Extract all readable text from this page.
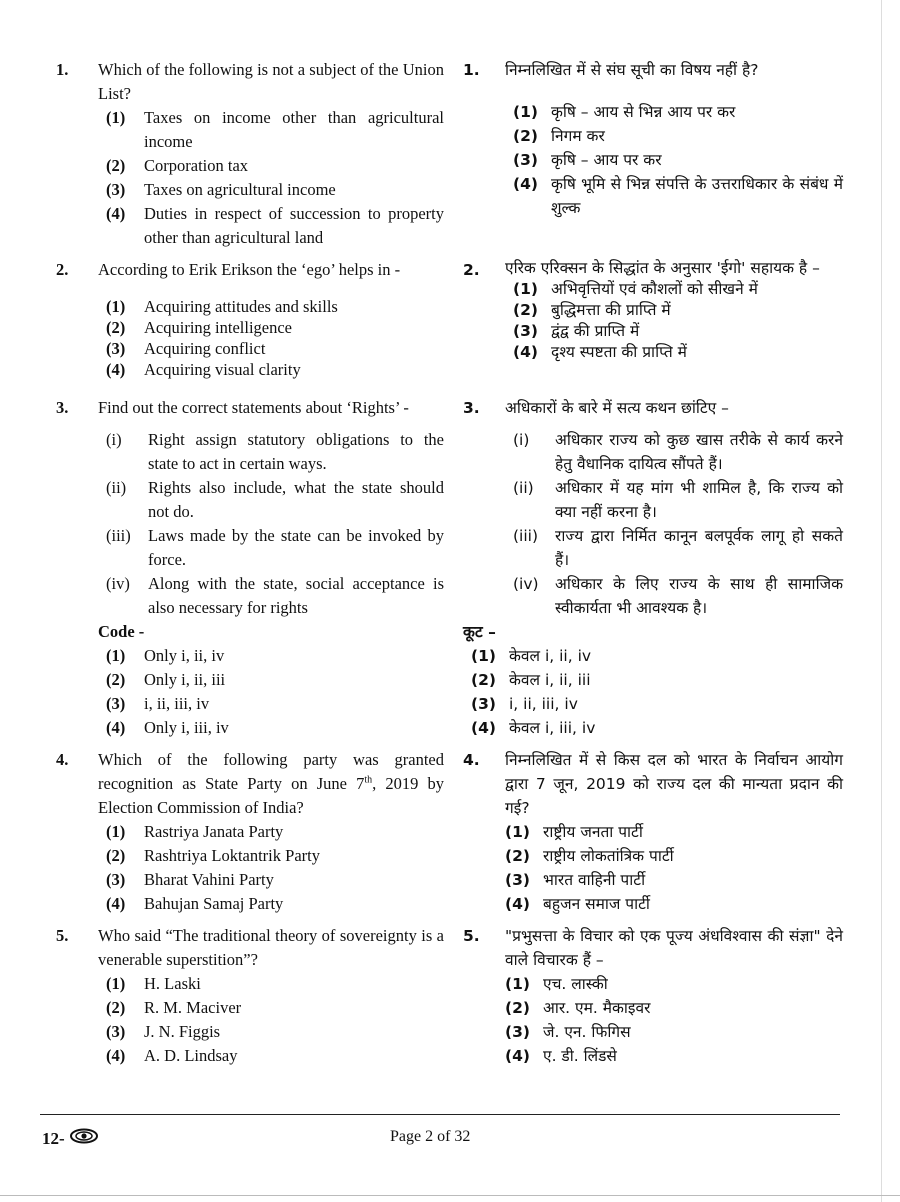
1. Which of the following is not a subject of the Union List?
(1)	Taxes on income other than agricultural income
(2)	Corporation tax
(3)	Taxes on agricultural income
(4)	Duties in respect of succession to property other than agricultural land
2. According to Erik Erikson the ‘ego’ helps in -
(1)	Acquiring attitudes and skills
(2)	Acquiring intelligence
(3)	Acquiring conflict
(4)	Acquiring visual clarity
3. Find out the correct statements about ‘Rights’ -
(i)	Right assign statutory obligations to the state to act in certain ways.
(ii)	Rights also include, what the state should not do.
(iii)	Laws made by the state can be invoked by force.
(iv)	Along with the state, social acceptance is also necessary for rights
Code -
(1)	Only i, ii, iv
(2)	Only i, ii, iii
(3)	i, ii, iii, iv
(4)	Only i, iii, iv
4. Which of the following party was granted recognition as State Party on June 7th, 2019 by Election Commission of India?
(1)	Rastriya Janata Party
(2)	Rashtriya Loktantrik Party
(3)	Bharat Vahini Party
(4)	Bahujan Samaj Party
5. Who said “The traditional theory of sovereignty is a venerable superstition”?
(1)	H. Laski
(2)	R. M. Maciver
(3)	J. N. Figgis
(4)	A. D. Lindsay
1. निम्नलिखित में से संघ सूची का विषय नहीं है?
(1) कृषि – आय से भिन्न आय पर कर
(2) निगम कर
(3) कृषि – आय पर कर
(4) कृषि भूमि से भिन्न संपत्ति के उत्तराधिकार के संबंध में शुल्क
2. एरिक एरिक्सन के सिद्धांत के अनुसार 'ईगो' सहायक है –
(1) अभिवृत्तियों एवं कौशलों को सीखने में
(2) बुद्धिमत्ता की प्राप्ति में
(3) द्वंद्व की प्राप्ति में
(4) दृश्य स्पष्टता की प्राप्ति में
3. अधिकारों के बारे में सत्य कथन छांटिए –
(i)	अधिकार राज्य को कुछ खास तरीके से कार्य करने हेतु वैधानिक दायित्व सौंपते हैं।
(ii)	अधिकार में यह मांग भी शामिल है, कि राज्य को क्या नहीं करना है।
(iii)	राज्य द्वारा निर्मित कानून बलपूर्वक लागू हो सकते हैं।
(iv)	अधिकार के लिए राज्य के साथ ही सामाजिक स्वीकार्यता भी आवश्यक है।
कूट –
(1) केवल i, ii, iv
(2) केवल i, ii, iii
(3) i, ii, iii, iv
(4) केवल i, iii, iv
4. निम्नलिखित में से किस दल को भारत के निर्वाचन आयोग द्वारा 7 जून, 2019 को राज्य दल की मान्यता प्रदान की गई?
(1) राष्ट्रीय जनता पार्टी
(2) राष्ट्रीय लोकतांत्रिक पार्टी
(3) भारत वाहिनी पार्टी
(4) बहुजन समाज पार्टी
5. "प्रभुसत्ता के विचार को एक पूज्य अंधविश्वास की संज्ञा" देने वाले विचारक हैं –
(1) एच. लास्की
(2) आर. एम. मैकाइवर
(3) जे. एन. फिगिस
(4) ए. डी. लिंडसे
12-	Page 2 of 32
